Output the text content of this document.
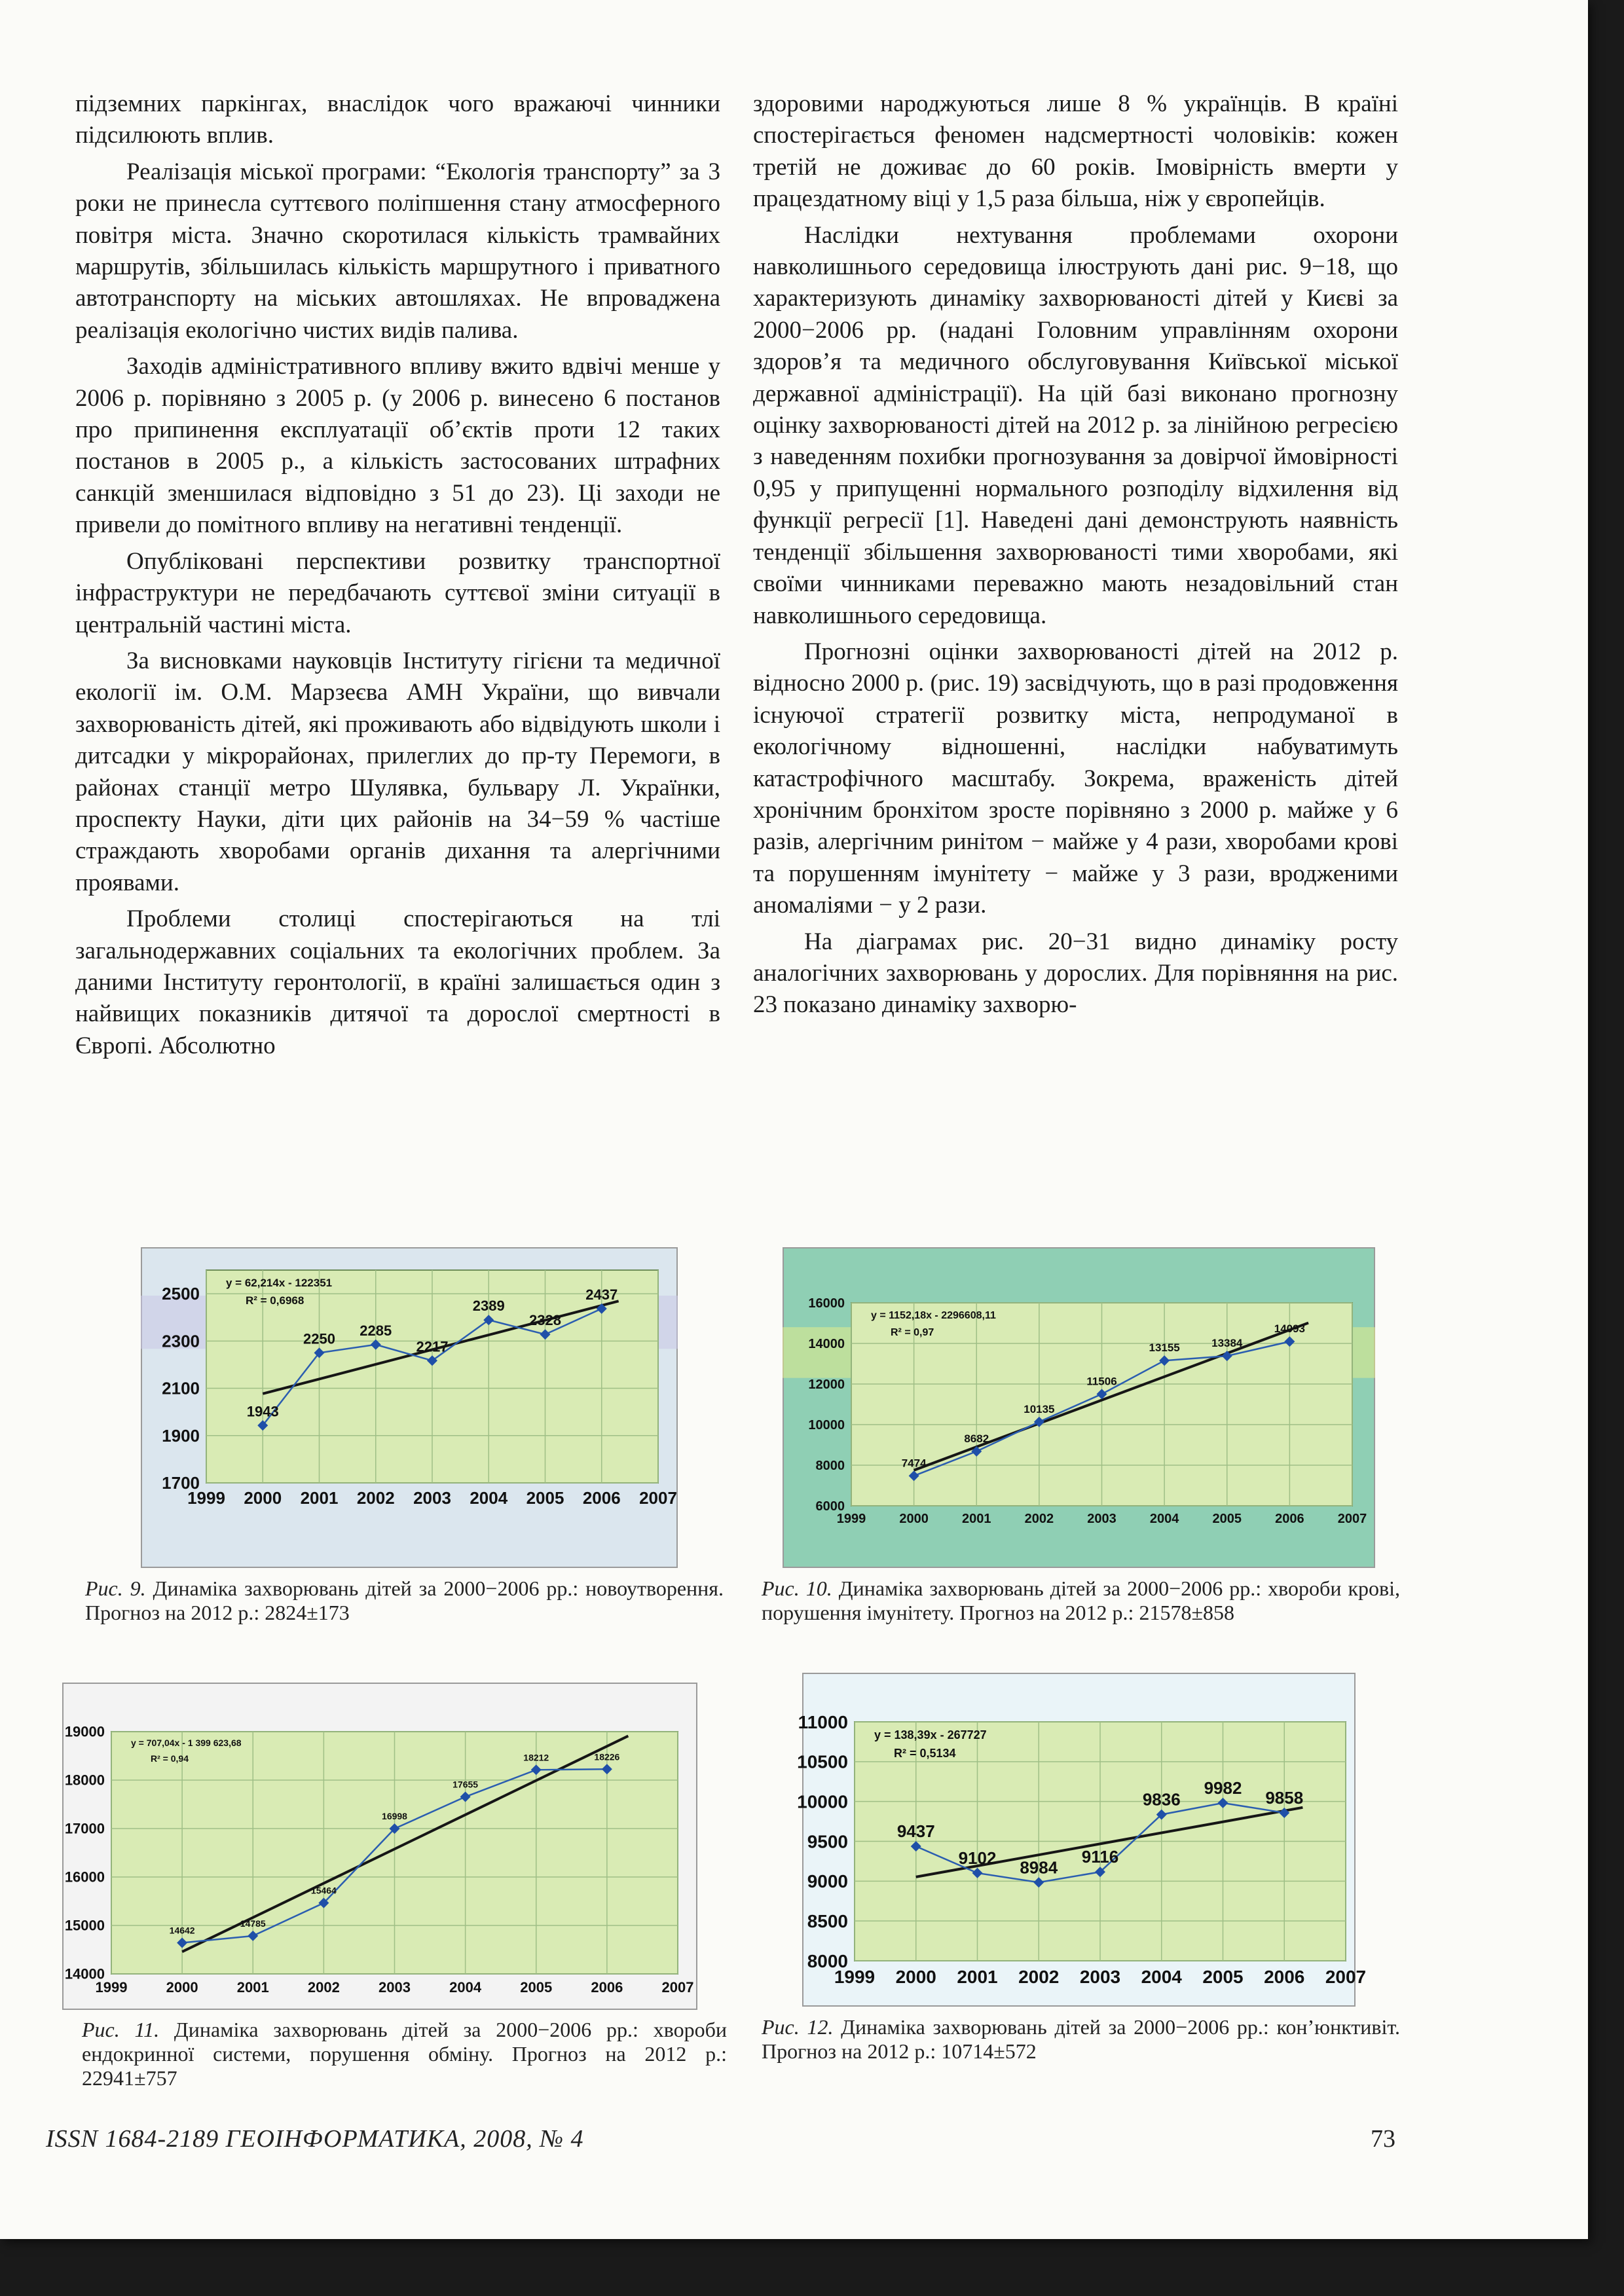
підземних паркінгах, внаслідок чого вражаючі чинники підсилюють вплив.

Реалізація міської програми: “Екологія транспорту” за 3 роки не принесла суттєвого поліпшення стану атмосферного повітря міста. Значно скоротилася кількість трамвайних маршрутів, збільшилась кількість маршрутного і приватного автотранспорту на міських автошляхах. Не впроваджена реалізація екологічно чистих видів палива.

Заходів адміністративного впливу вжито вдвічі менше у 2006 р. порівняно з 2005 р. (у 2006 р. винесено 6 постанов про припинення експлуатації об’єктів проти 12 таких постанов в 2005 р., а кількість застосованих штрафних санкцій зменшилася відповідно з 51 до 23). Ці заходи не привели до помітного впливу на негативні тенденції.

Опубліковані перспективи розвитку транспортної інфраструктури не передбачають суттєвої зміни ситуації в центральній частині міста.

За висновками науковців Інституту гігієни та медичної екології ім. О.М. Марзеєва АМН України, що вивчали захворюваність дітей, які проживають або відвідують школи і дитсадки у мікрорайонах, прилеглих до пр-ту Перемоги, в районах станції метро Шулявка, бульвару Л. Українки, проспекту Науки, діти цих районів на 34−59 % частіше страждають хворобами органів дихання та алергічними проявами.

Проблеми столиці спостерігаються на тлі загальнодержавних соціальних та екологічних проблем. За даними Інституту геронтології, в країні залишається один з найвищих показників дитячої та дорослої смертності в Європі. Абсолютно

здоровими народжуються лише 8 % українців. В країні спостерігається феномен надсмертності чоловіків: кожен третій не доживає до 60 років. Імовірність вмерти у працездатному віці у 1,5 раза більша, ніж у європейців.

Наслідки нехтування проблемами охорони навколишнього середовища ілюструють дані рис. 9−18, що характеризують динаміку захворюваності дітей у Києві за 2000−2006 рр. (надані Головним управлінням охорони здоров’я та медичного обслуговування Київської міської державної адміністрації). На цій базі виконано прогнозну оцінку захворюваності дітей на 2012 р. за лінійною регресією з наведенням похибки прогнозування за довірчої ймовірності 0,95 у припущенні нормального розподілу відхилення від функції регресії [1]. Наведені дані демонструють наявність тенденції збільшення захворюваності тими хворобами, які своїми чинниками переважно мають незадовільний стан навколишнього середовища.

Прогнозні оцінки захворюваності дітей на 2012 р. відносно 2000 р. (рис. 19) засвідчують, що в разі продовження існуючої стратегії розвитку міста, непродуманої в екологічному відношенні, наслідки набуватимуть катастрофічного масштабу. Зокрема, враженість дітей хронічним бронхітом зросте порівняно з 2000 р. майже у 6 разів, алергічним ринітом − майже у 4 рази, хворобами крові та порушенням імунітету − майже у 3 рази, вродженими аномаліями − у 2 рази.

На діаграмах рис. 20−31 видно динаміку росту аналогічних захворювань у дорослих. Для порівняння на рис. 23 показано динаміку захворю-

1700
1900
2100
2300
2500
1999 2000 2001 2002 2003 2004 2005 2006 2007
1943
2250
2285
2217
2389
2328
2437
y = 62,214x - 122351
R² = 0,6968
Рис. 9. Динаміка захворювань дітей за 2000−2006 рр.: новоутворення. Прогноз на 2012 р.: 2824±173
6000
8000
10000
12000
14000
16000
1999	2000	2001	2002	2003	2004	2005	2006	2007
7474
8682
10135
11506
13155	13384
14093
y = 1152,18x - 2296608,11
R² = 0,97
Рис. 10. Динаміка захворювань дітей за 2000−2006 рр.: хвороби крові, порушення імунітету. Прогноз на 2012 р.: 21578±858
14000
15000
16000
17000
18000
19000
1999	2000	2001	2002	2003	2004	2005	2006	2007
14642
14785
15464
16998
17655
18212	18226
y = 707,04x - 1 399 623,68
R² = 0,94
Рис. 11. Динаміка захворювань дітей за 2000−2006 рр.: хвороби ендокринної системи, порушення обміну. Прогноз на 2012 р.: 22941±757
8000
8500
9000
9500
10000
10500
11000
1999 2000 2001 2002 2003 2004 2005 2006 2007
9437
9102 8984
9116
9836
9982
9858
y = 138,39x - 267727
R² = 0,5134
Рис. 12. Динаміка захворювань дітей за 2000−2006 рр.: кон’юнктивіт. Прогноз на 2012 р.: 10714±572
ISSN 1684-2189 ГЕОІНФОРМАТИКА, 2008, № 4	73
